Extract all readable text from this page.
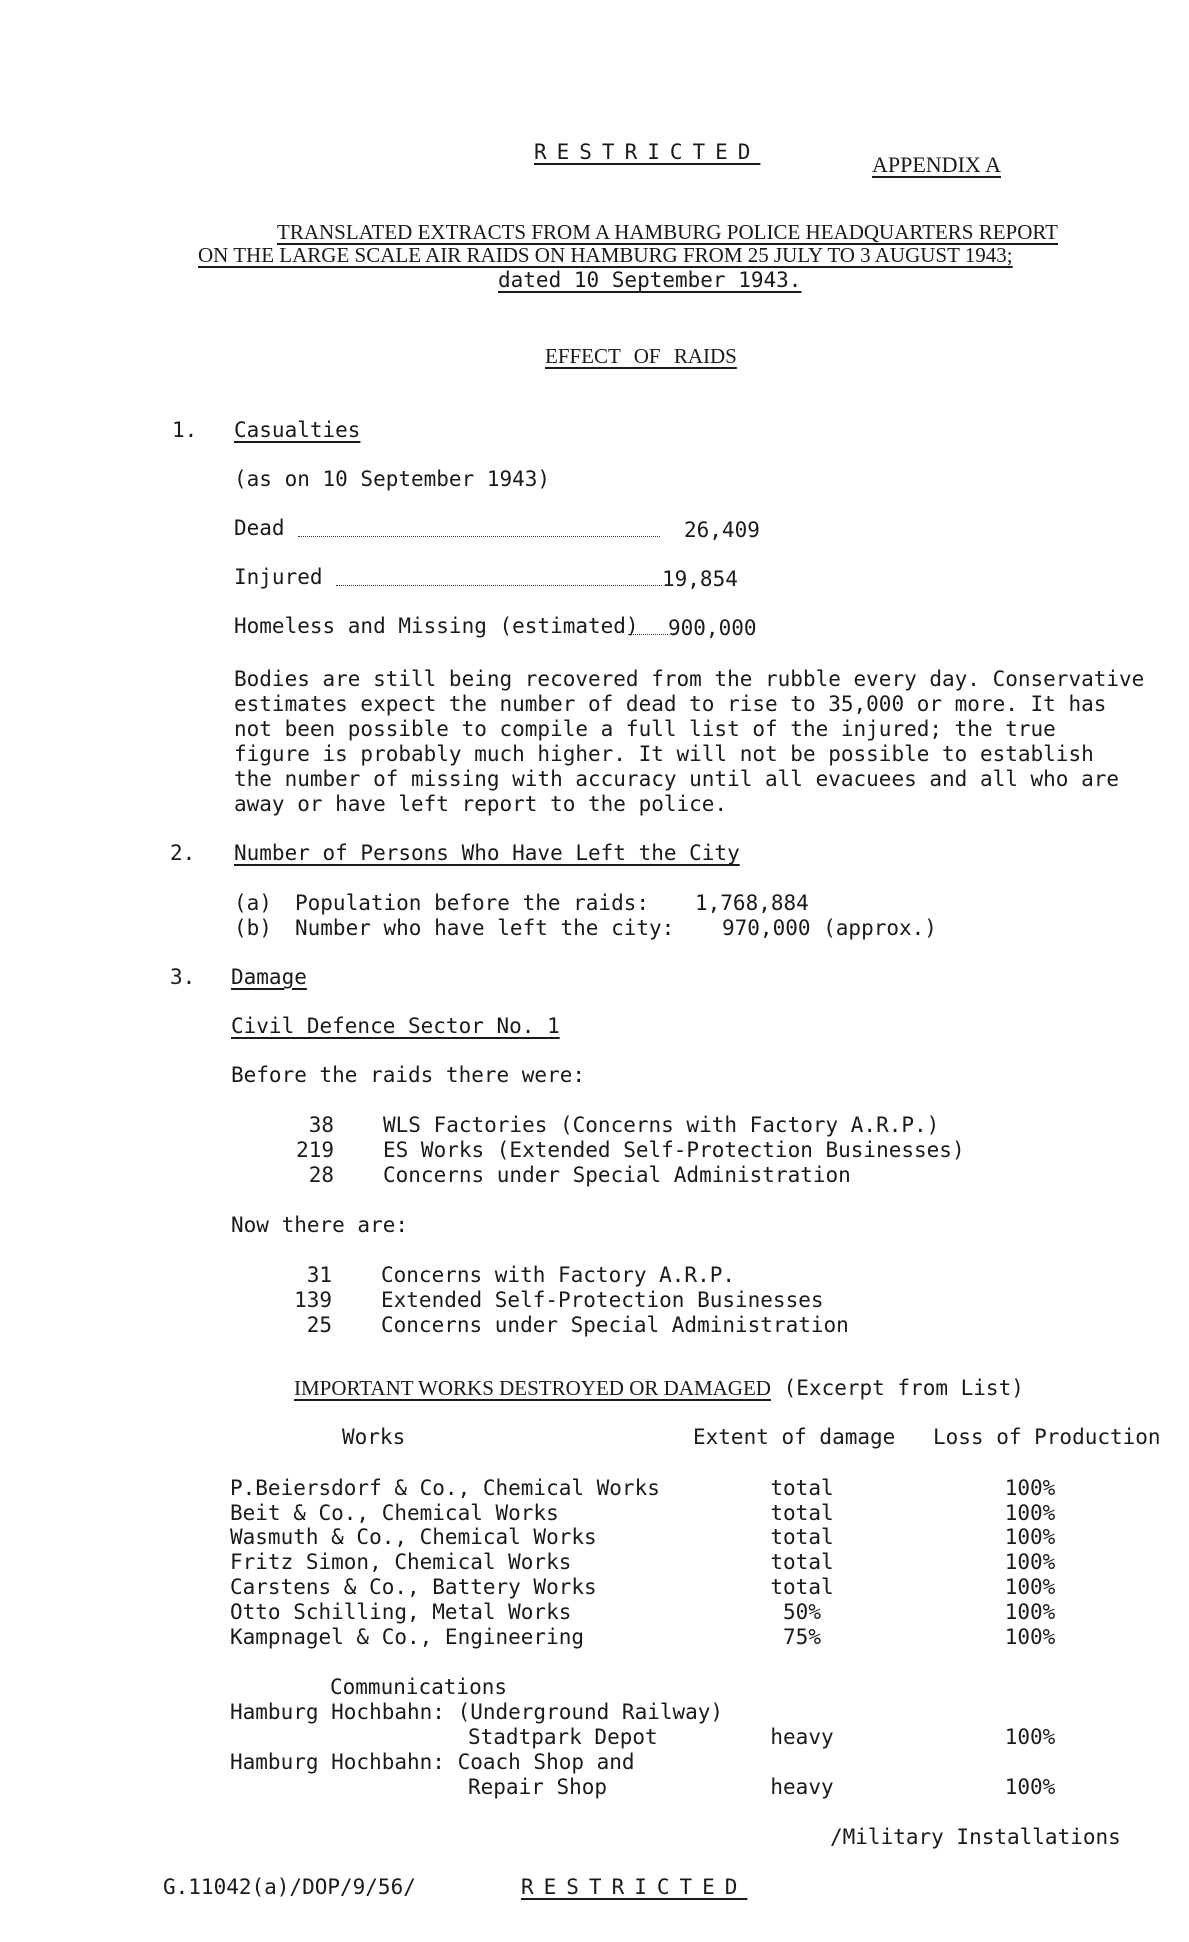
RESTRICTED	APPENDIX A
TRANSLATED EXTRACTS FROM A HAMBURG POLICE HEADQUARTERS REPORT
ON THE LARGE SCALE AIR RAIDS ON HAMBURG FROM 25 JULY TO 3 AUGUST 1943;
dated 10 September 1943.
EFFECT OF RAIDS
1. Casualties
(as on 10 September 1943)
Dead	26,409
Injured	19,854
Homeless and Missing (estimated) 900,000
Bodies are still being recovered from the rubble every day. Conservative
estimates expect the number of dead to rise to 35,000 or more. It has
not been possible to compile a full list of the injured; the true
figure is probably much higher. It will not be possible to establish
the number of missing with accuracy until all evacuees and all who are
away or have left report to the police.
2. Number of Persons Who Have Left the City
(a) Population before the raids: 1,768,884
(b) Number who have left the city: 970,000 (approx.)
3. Damage
Civil Defence Sector No. 1
Before the raids there were:
38 WLS Factories (Concerns with Factory A.R.P.)
219 ES Works (Extended Self-Protection Businesses)
28 Concerns under Special Administration
Now there are:
31 Concerns with Factory A.R.P.
139 Extended Self-Protection Businesses
25 Concerns under Special Administration
IMPORTANT WORKS DESTROYED OR DAMAGED (Excerpt from List)
Works	Extent of damage Loss of Production
P.Beiersdorf & Co., Chemical Works	total	100%
Beit & Co., Chemical Works	total	100%
Wasmuth & Co., Chemical Works	total	100%
Fritz Simon, Chemical Works	total	100%
Carstens & Co., Battery Works	total	100%
Otto Schilling, Metal Works	50%	100%
Kampnagel & Co., Engineering	75%	100%
Communications
Hamburg Hochbahn: (Underground Railway)
Stadtpark Depot	heavy	100%
Hamburg Hochbahn: Coach Shop and
Repair Shop	heavy	100%
/Military Installations
G.11042(a)/DOP/9/56/	RESTRICTED
